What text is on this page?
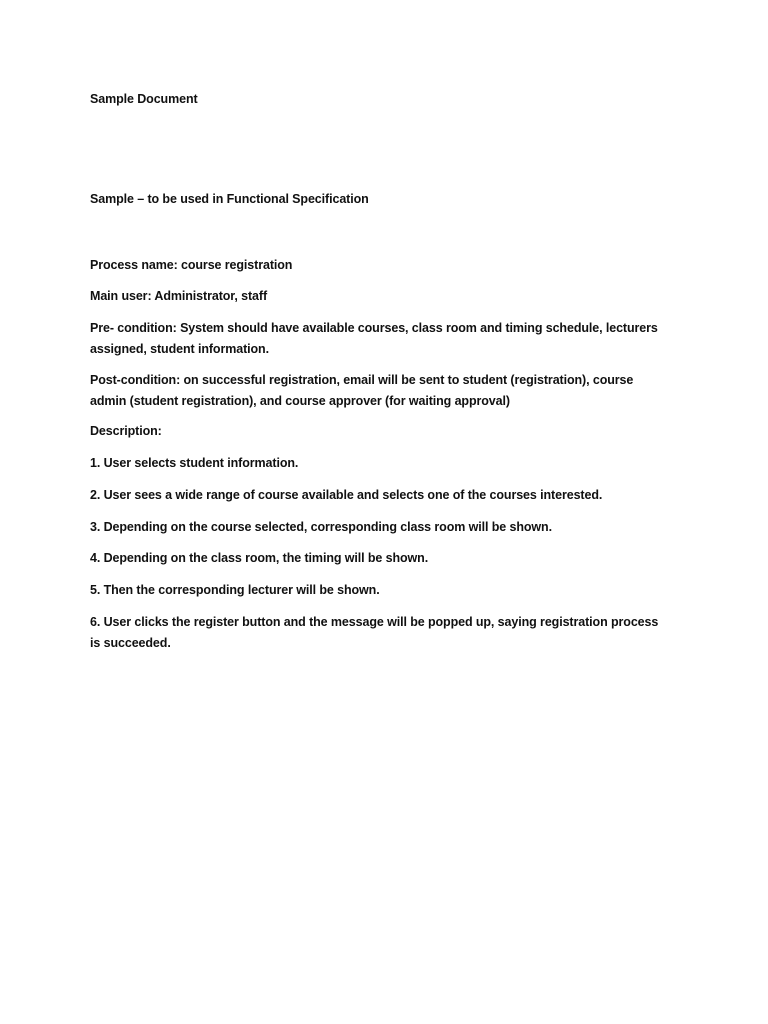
Sample Document

Sample – to be used in Functional Specification

Process name: course registration

Main user: Administrator, staff

Pre- condition: System should have available courses, class room and timing schedule, lecturers assigned, student information.

Post-condition: on successful registration, email will be sent to student (registration), course admin (student registration), and course approver (for waiting approval)

Description:

1. User selects student information.

2. User sees a wide range of course available and selects one of the courses interested.

3. Depending on the course selected, corresponding class room will be shown.

4. Depending on the class room, the timing will be shown.

5. Then the corresponding lecturer will be shown.

6. User clicks the register button and the message will be popped up, saying registration process is succeeded.
